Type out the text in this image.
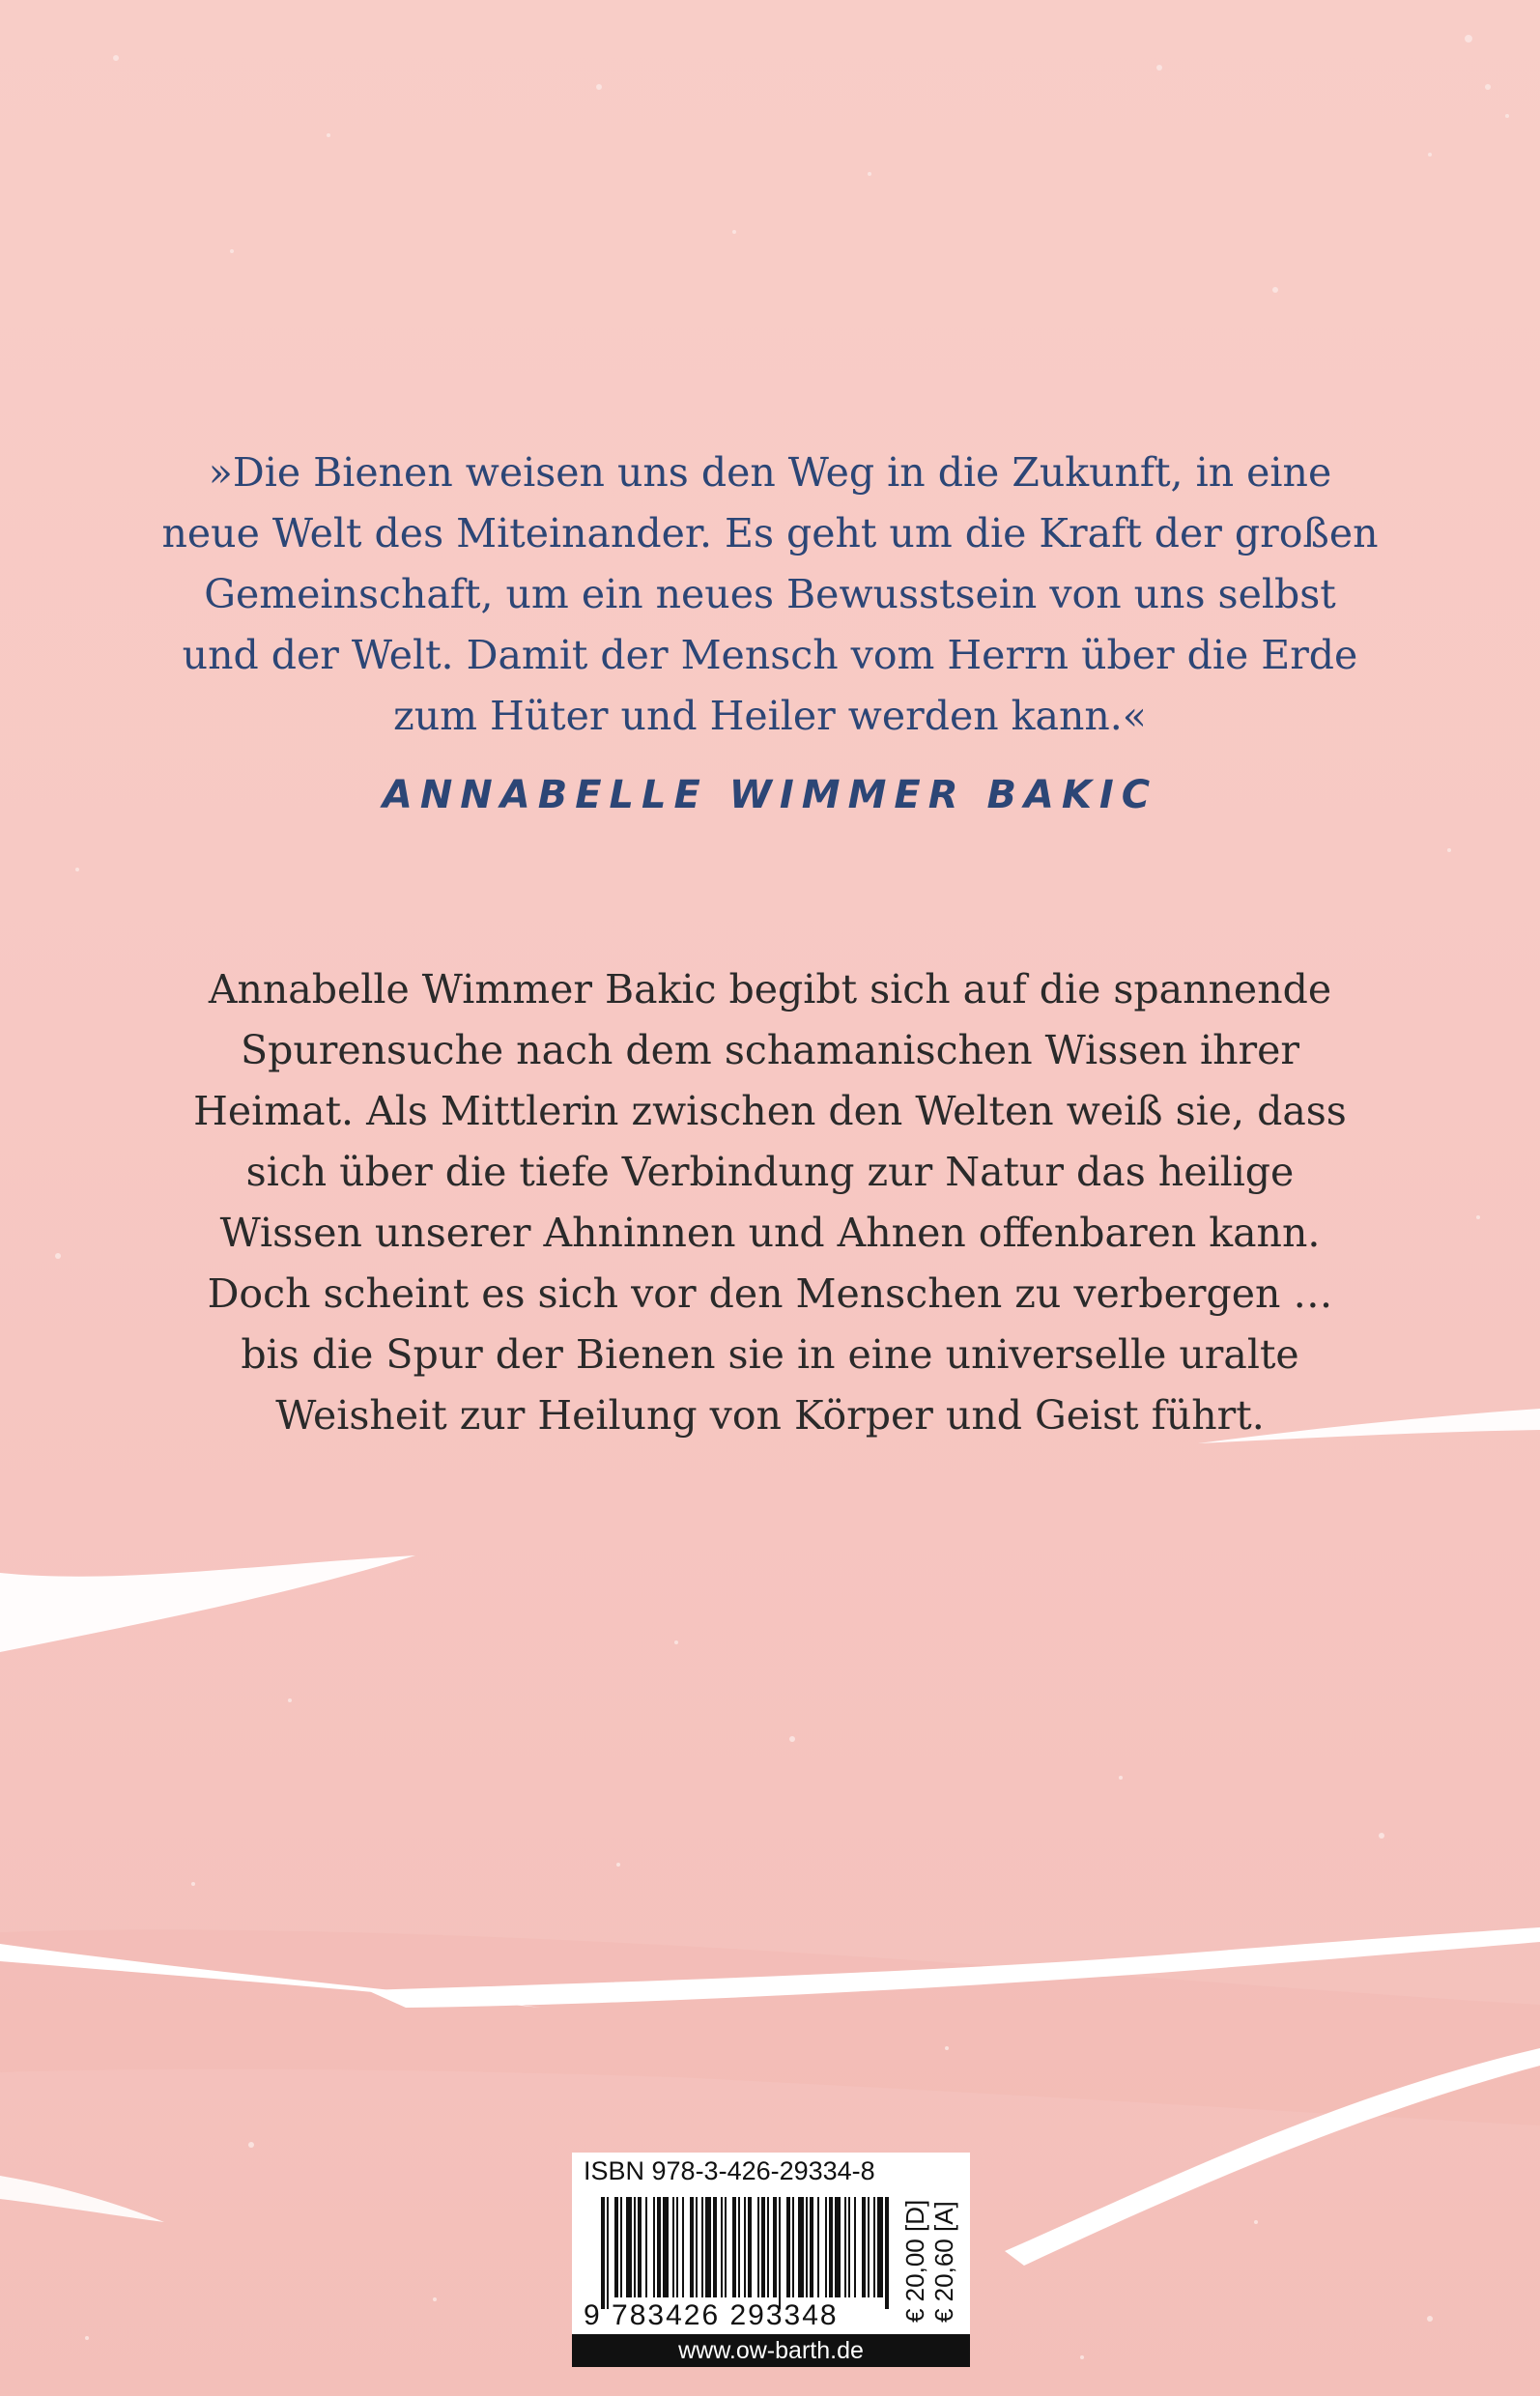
»Die Bienen weisen uns den Weg in die Zukunft, in eine
neue Welt des Miteinander. Es geht um die Kraft der großen
Gemeinschaft, um ein neues Bewusstsein von uns selbst
und der Welt. Damit der Mensch vom Herrn über die Erde
zum Hüter und Heiler werden kann.«
ANNABELLE WIMMER BAKIC
Annabelle Wimmer Bakic begibt sich auf die spannende
Spurensuche nach dem schamanischen Wissen ihrer
Heimat. Als Mittlerin zwischen den Welten weiß sie, dass
sich über die tiefe Verbindung zur Natur das heilige
Wissen unserer Ahninnen und Ahnen offenbaren kann.
Doch scheint es sich vor den Menschen zu verbergen …
bis die Spur der Bienen sie in eine universelle uralte
Weisheit zur Heilung von Körper und Geist führt.
ISBN 978-3-426-29334-8
9 783426 293348 € 20,00 [D] € 20,60 [A]
www.ow-barth.de
